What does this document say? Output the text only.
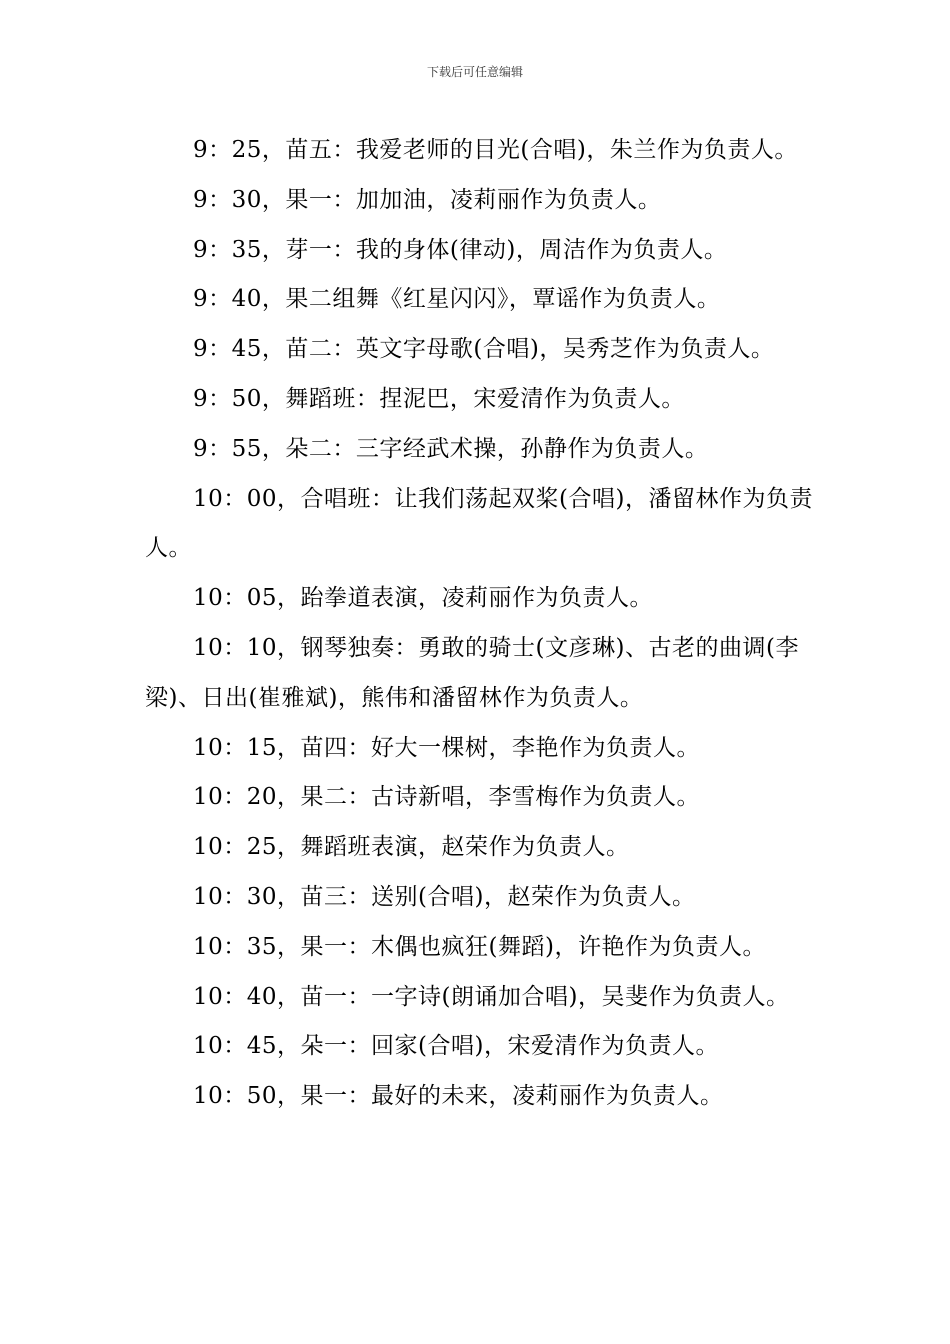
下载后可任意编辑

9：25，苗五：我爱老师的目光(合唱)，朱兰作为负责人。

9：30，果一：加加油，凌莉丽作为负责人。

9：35，芽一：我的身体(律动)，周洁作为负责人。

9：40，果二组舞《红星闪闪》，覃谣作为负责人。

9：45，苗二：英文字母歌(合唱)，吴秀芝作为负责人。

9：50，舞蹈班：捏泥巴，宋爱清作为负责人。

9：55，朵二：三字经武术操，孙静作为负责人。

10：00，合唱班：让我们荡起双桨(合唱)，潘留林作为负责人。

10：05，跆拳道表演，凌莉丽作为负责人。

10：10，钢琴独奏：勇敢的骑士(文彦琳)、古老的曲调(李梁)、日出(崔雅斌)，熊伟和潘留林作为负责人。

10：15，苗四：好大一棵树，李艳作为负责人。

10：20，果二：古诗新唱，李雪梅作为负责人。

10：25，舞蹈班表演，赵荣作为负责人。

10：30，苗三：送别(合唱)，赵荣作为负责人。

10：35，果一：木偶也疯狂(舞蹈)，许艳作为负责人。

10：40，苗一：一字诗(朗诵加合唱)，吴斐作为负责人。

10：45，朵一：回家(合唱)，宋爱清作为负责人。

10：50，果一：最好的未来，凌莉丽作为负责人。
